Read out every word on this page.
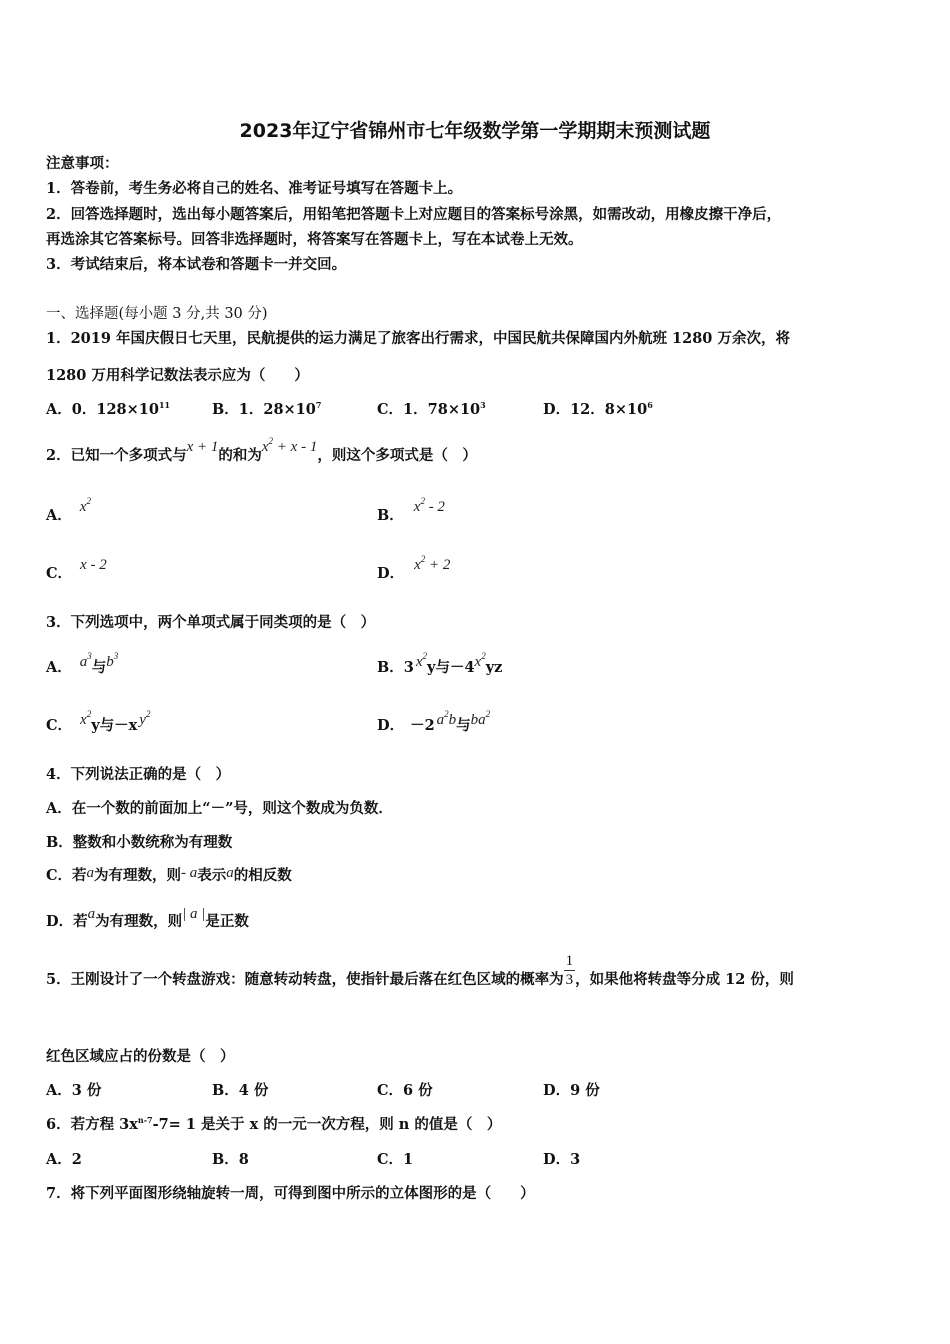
2023年辽宁省锦州市七年级数学第一学期期末预测试题
注意事项：
1．答卷前，考生务必将自己的姓名、准考证号填写在答题卡上。
2．回答选择题时，选出每小题答案后，用铅笔把答题卡上对应题目的答案标号涂黑，如需改动，用橡皮擦干净后，
再选涂其它答案标号。回答非选择题时，将答案写在答题卡上，写在本试卷上无效。
3．考试结束后，将本试卷和答题卡一并交回。
一、选择题(每小题 3 分,共 30 分)
1．2019 年国庆假日七天里，民航提供的运力满足了旅客出行需求，中国民航共保障国内外航班 1280 万余次，将
1280 万用科学记数法表示应为（　　）
A．0．$128\times 10^{11}$	B．1．$28\times 10^7$	C．1．$78\times 10^3$	D．12．$8\times 10^6$
2．已知一个多项式与x + 1的和为$x^2 + x - 1$，则这个多项式是（　）
A． $x^2$
B． $x^2 - 2$
C． x - 2	D． $x^2 + 2$
3．下列选项中，两个单项式属于同类项的是（　）
A． $a^3$与$b^3$
B．3 $x^2y$与$-4x^2yz$
C． $x^2y$与－x $y^2$
D． －2 $a^2b$与$ba^2$
4．下列说法正确的是（　）
A．在一个数的前面加上“－”号，则这个数成为负数．
B．整数和小数统称为有理数
C．若a为有理数，则- a表示a的相反数
D．若a为有理数，则| a |是正数
5．王刚设计了一个转盘游戏：随意转动转盘，使指针最后落在红色区域的概率为 $\frac{1}{3}$ ，如果他将转盘等分成 12 份，则
红色区域应占的份数是（　）
A．3 份	B．4 份	C．6 份	D．9 份
6．若方程 $3x^{n-7}-7= 1$ 是关于 x 的一元一次方程，则 n 的值是（　）
A．2	B．8	C．1	D．3
7．将下列平面图形绕轴旋转一周，可得到图中所示的立体图形的是（　　）
